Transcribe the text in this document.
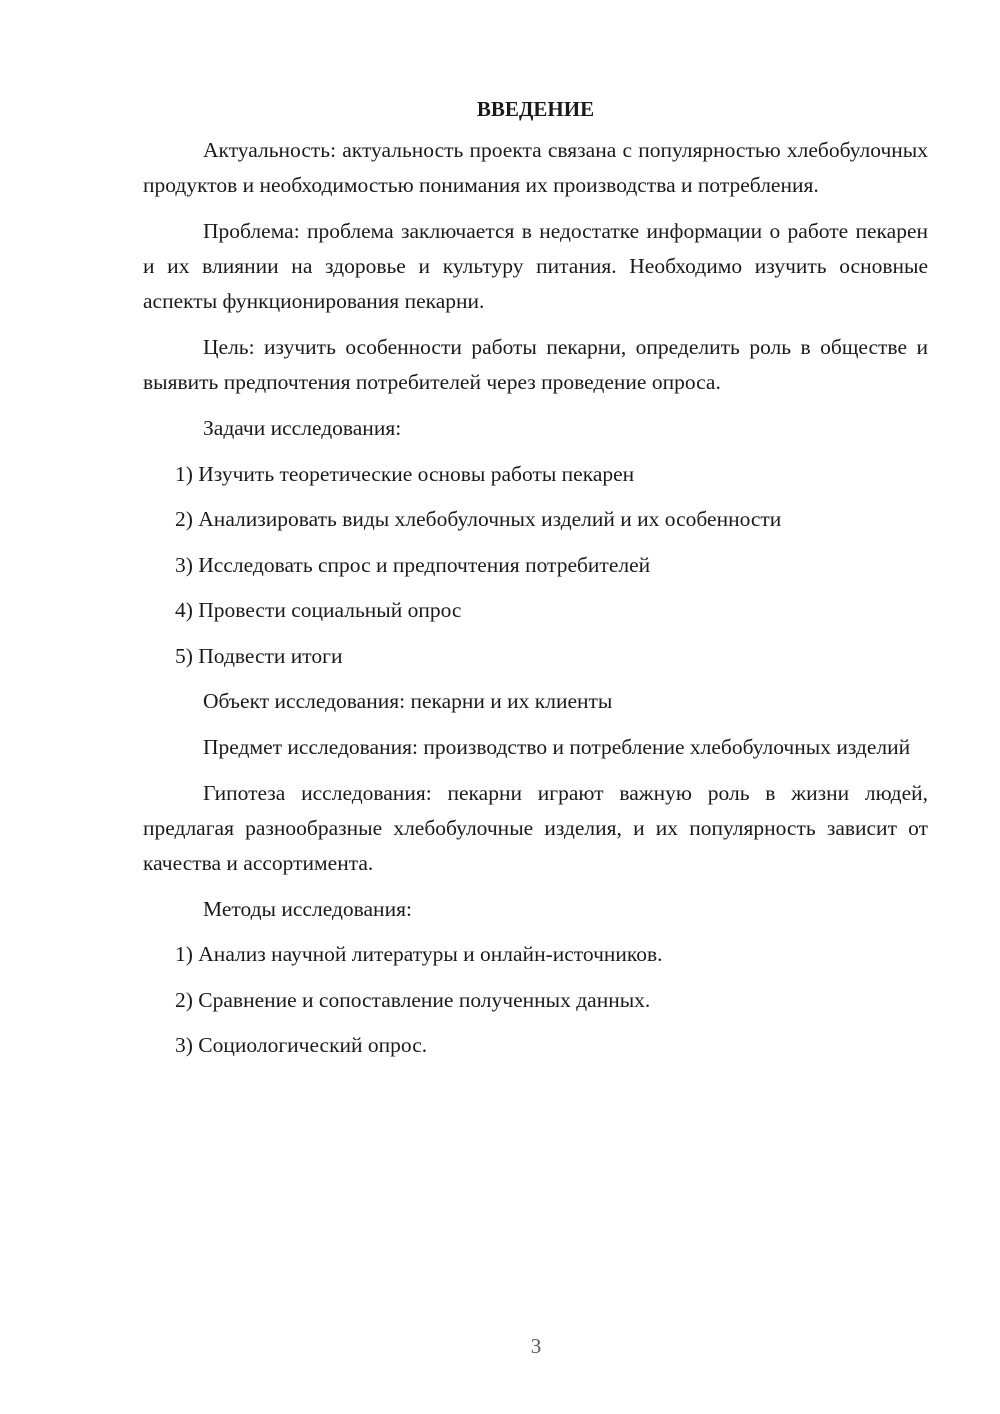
ВВЕДЕНИЕ

Актуальность: актуальность проекта связана с популярностью хлебобулочных продуктов и необходимостью понимания их производства и потребления.

Проблема: проблема заключается в недостатке информации о работе пекарен и их влиянии на здоровье и культуру питания. Необходимо изучить основные аспекты функционирования пекарни.

Цель: изучить особенности работы пекарни, определить роль в обществе и выявить предпочтения потребителей через проведение опроса.

Задачи исследования:
1) Изучить теоретические основы работы пекарен
2) Анализировать виды хлебобулочных изделий и их особенности
3) Исследовать спрос и предпочтения потребителей
4) Провести социальный опрос
5) Подвести итоги
Объект исследования: пекарни и их клиенты

Предмет исследования: производство и потребление хлебобулочных изделий

Гипотеза исследования: пекарни играют важную роль в жизни людей, предлагая разнообразные хлебобулочные изделия, и их популярность зависит от качества и ассортимента.

Методы исследования:
1) Анализ научной литературы и онлайн-источников.
2) Сравнение и сопоставление полученных данных.
3) Социологический опрос.
3
